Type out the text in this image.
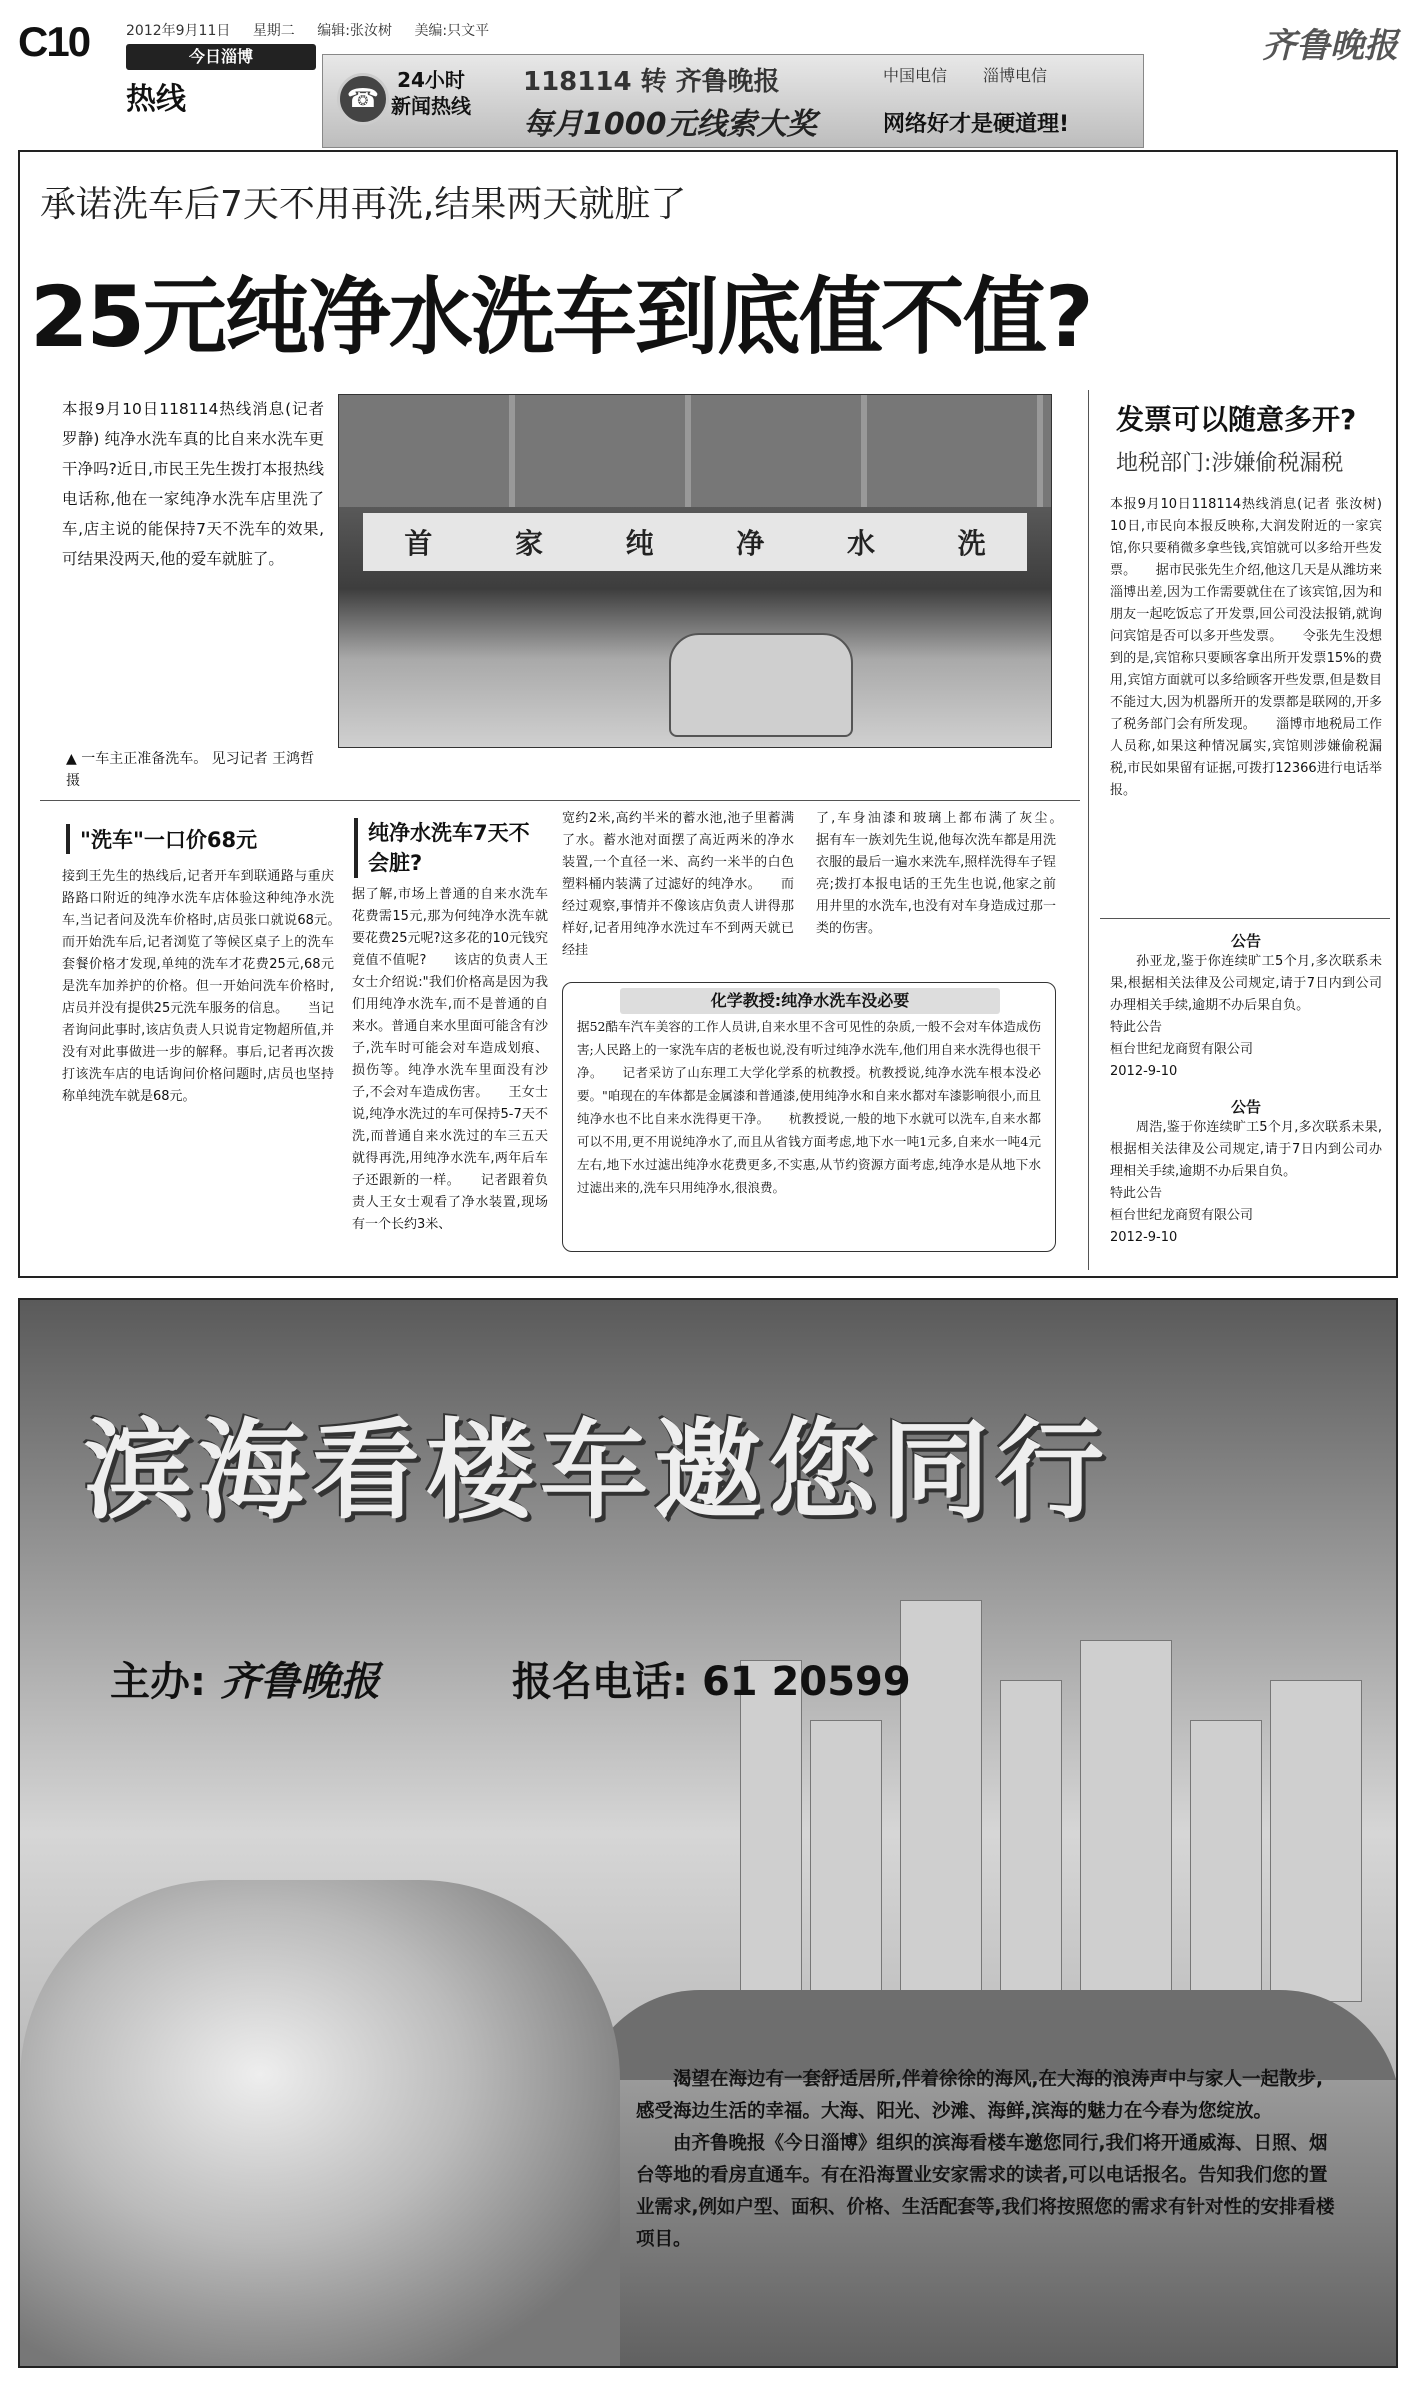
C10	2012年9月11日 星期二 编辑:张汝树 美编:只文平
今日淄博
热线	☎
24小时新闻热线
118114 转 齐鲁晚报
每月1000元线索大奖
中国电信 淄博电信
网络好才是硬道理!
齐鲁晚报
承诺洗车后7天不用再洗,结果两天就脏了
25元纯净水洗车到底值不值?
本报9月10日118114热线消息(记者 罗静) 纯净水洗车真的比自来水洗车更干净吗?近日,市民王先生拨打本报热线电话称,他在一家纯净水洗车店里洗了车,店主说的能保持7天不洗车的效果,可结果没两天,他的爱车就脏了。	首	家	纯	净	水	洗
▲ 一车主正准备洗车。 见习记者 王鸿哲 摄
"洗车"一口价68元
接到王先生的热线后,记者开车到联通路与重庆路路口附近的纯净水洗车店体验这种纯净水洗车,当记者问及洗车价格时,店员张口就说68元。　　而开始洗车后,记者浏览了等候区桌子上的洗车套餐价格才发现,单纯的洗车才花费25元,68元是洗车加养护的价格。但一开始问洗车价格时,店员并没有提供25元洗车服务的信息。　　当记者询问此事时,该店负责人只说肯定物超所值,并没有对此事做进一步的解释。事后,记者再次拨打该洗车店的电话询问价格问题时,店员也坚持称单纯洗车就是68元。
纯净水洗车7天不会脏?
据了解,市场上普通的自来水洗车花费需15元,那为何纯净水洗车就要花费25元呢?这多花的10元钱究竟值不值呢?　　该店的负责人王女士介绍说:"我们价格高是因为我们用纯净水洗车,而不是普通的自来水。普通自来水里面可能含有沙子,洗车时可能会对车造成划痕、损伤等。纯净水洗车里面没有沙子,不会对车造成伤害。　　王女士说,纯净水洗过的车可保持5-7天不洗,而普通自来水洗过的车三五天就得再洗,用纯净水洗车,两年后车子还跟新的一样。　　记者跟着负责人王女士观看了净水装置,现场有一个长约3米、
宽约2米,高约半米的蓄水池,池子里蓄满了水。蓄水池对面摆了高近两米的净水装置,一个直径一米、高约一米半的白色塑料桶内装满了过滤好的纯净水。　　而经过观察,事情并不像该店负责人讲得那样好,记者用纯净水洗过车不到两天就已经挂
了,车身油漆和玻璃上都布满了灰尘。　　据有车一族刘先生说,他每次洗车都是用洗衣服的最后一遍水来洗车,照样洗得车子锃亮;拨打本报电话的王先生也说,他家之前用井里的水洗车,也没有对车身造成过那一类的伤害。
据52酷车汽车美容的工作人员讲,自来水里不含可见性的杂质,一般不会对车体造成伤害;人民路上的一家洗车店的老板也说,没有听过纯净水洗车,他们用自来水洗得也很干净。　　记者采访了山东理工大学化学系的杭教授。杭教授说,纯净水洗车根本没必要。"咱现在的车体都是金属漆和普通漆,使用纯净水和自来水都对车漆影响很小,而且纯净水也不比自来水洗得更干净。　　杭教授说,一般的地下水就可以洗车,自来水都可以不用,更不用说纯净水了,而且从省钱方面考虑,地下水一吨1元多,自来水一吨4元左右,地下水过滤出纯净水花费更多,不实惠,从节约资源方面考虑,纯净水是从地下水过滤出来的,洗车只用纯净水,很浪费。
化学教授:纯净水洗车没必要
发票可以随意多开?
地税部门:涉嫌偷税漏税
本报9月10日118114热线消息(记者 张汝树) 10日,市民向本报反映称,大润发附近的一家宾馆,你只要稍微多拿些钱,宾馆就可以多给开些发票。　　据市民张先生介绍,他这几天是从潍坊来淄博出差,因为工作需要就住在了该宾馆,因为和朋友一起吃饭忘了开发票,回公司没法报销,就询问宾馆是否可以多开些发票。　　令张先生没想到的是,宾馆称只要顾客拿出所开发票15%的费用,宾馆方面就可以多给顾客开些发票,但是数目不能过大,因为机器所开的发票都是联网的,开多了税务部门会有所发现。　　淄博市地税局工作人员称,如果这种情况属实,宾馆则涉嫌偷税漏税,市民如果留有证据,可拨打12366进行电话举报。
公告
孙亚龙,鉴于你连续旷工5个月,多次联系未果,根据相关法律及公司规定,请于7日内到公司办理相关手续,逾期不办后果自负。
特此公告
桓台世纪龙商贸有限公司
2012-9-10
公告
周浩,鉴于你连续旷工5个月,多次联系未果,根据相关法律及公司规定,请于7日内到公司办理相关手续,逾期不办后果自负。
特此公告
桓台世纪龙商贸有限公司
2012-9-10
滨海看楼车邀您同行
主办: 齐鲁晚报	报名电话: 61 20599
渴望在海边有一套舒适居所,伴着徐徐的海风,在大海的浪涛声中与家人一起散步,感受海边生活的幸福。大海、阳光、沙滩、海鲜,滨海的魅力在今春为您绽放。
由齐鲁晚报《今日淄博》组织的滨海看楼车邀您同行,我们将开通威海、日照、烟台等地的看房直通车。有在沿海置业安家需求的读者,可以电话报名。告知我们您的置业需求,例如户型、面积、价格、生活配套等,我们将按照您的需求有针对性的安排看楼项目。
